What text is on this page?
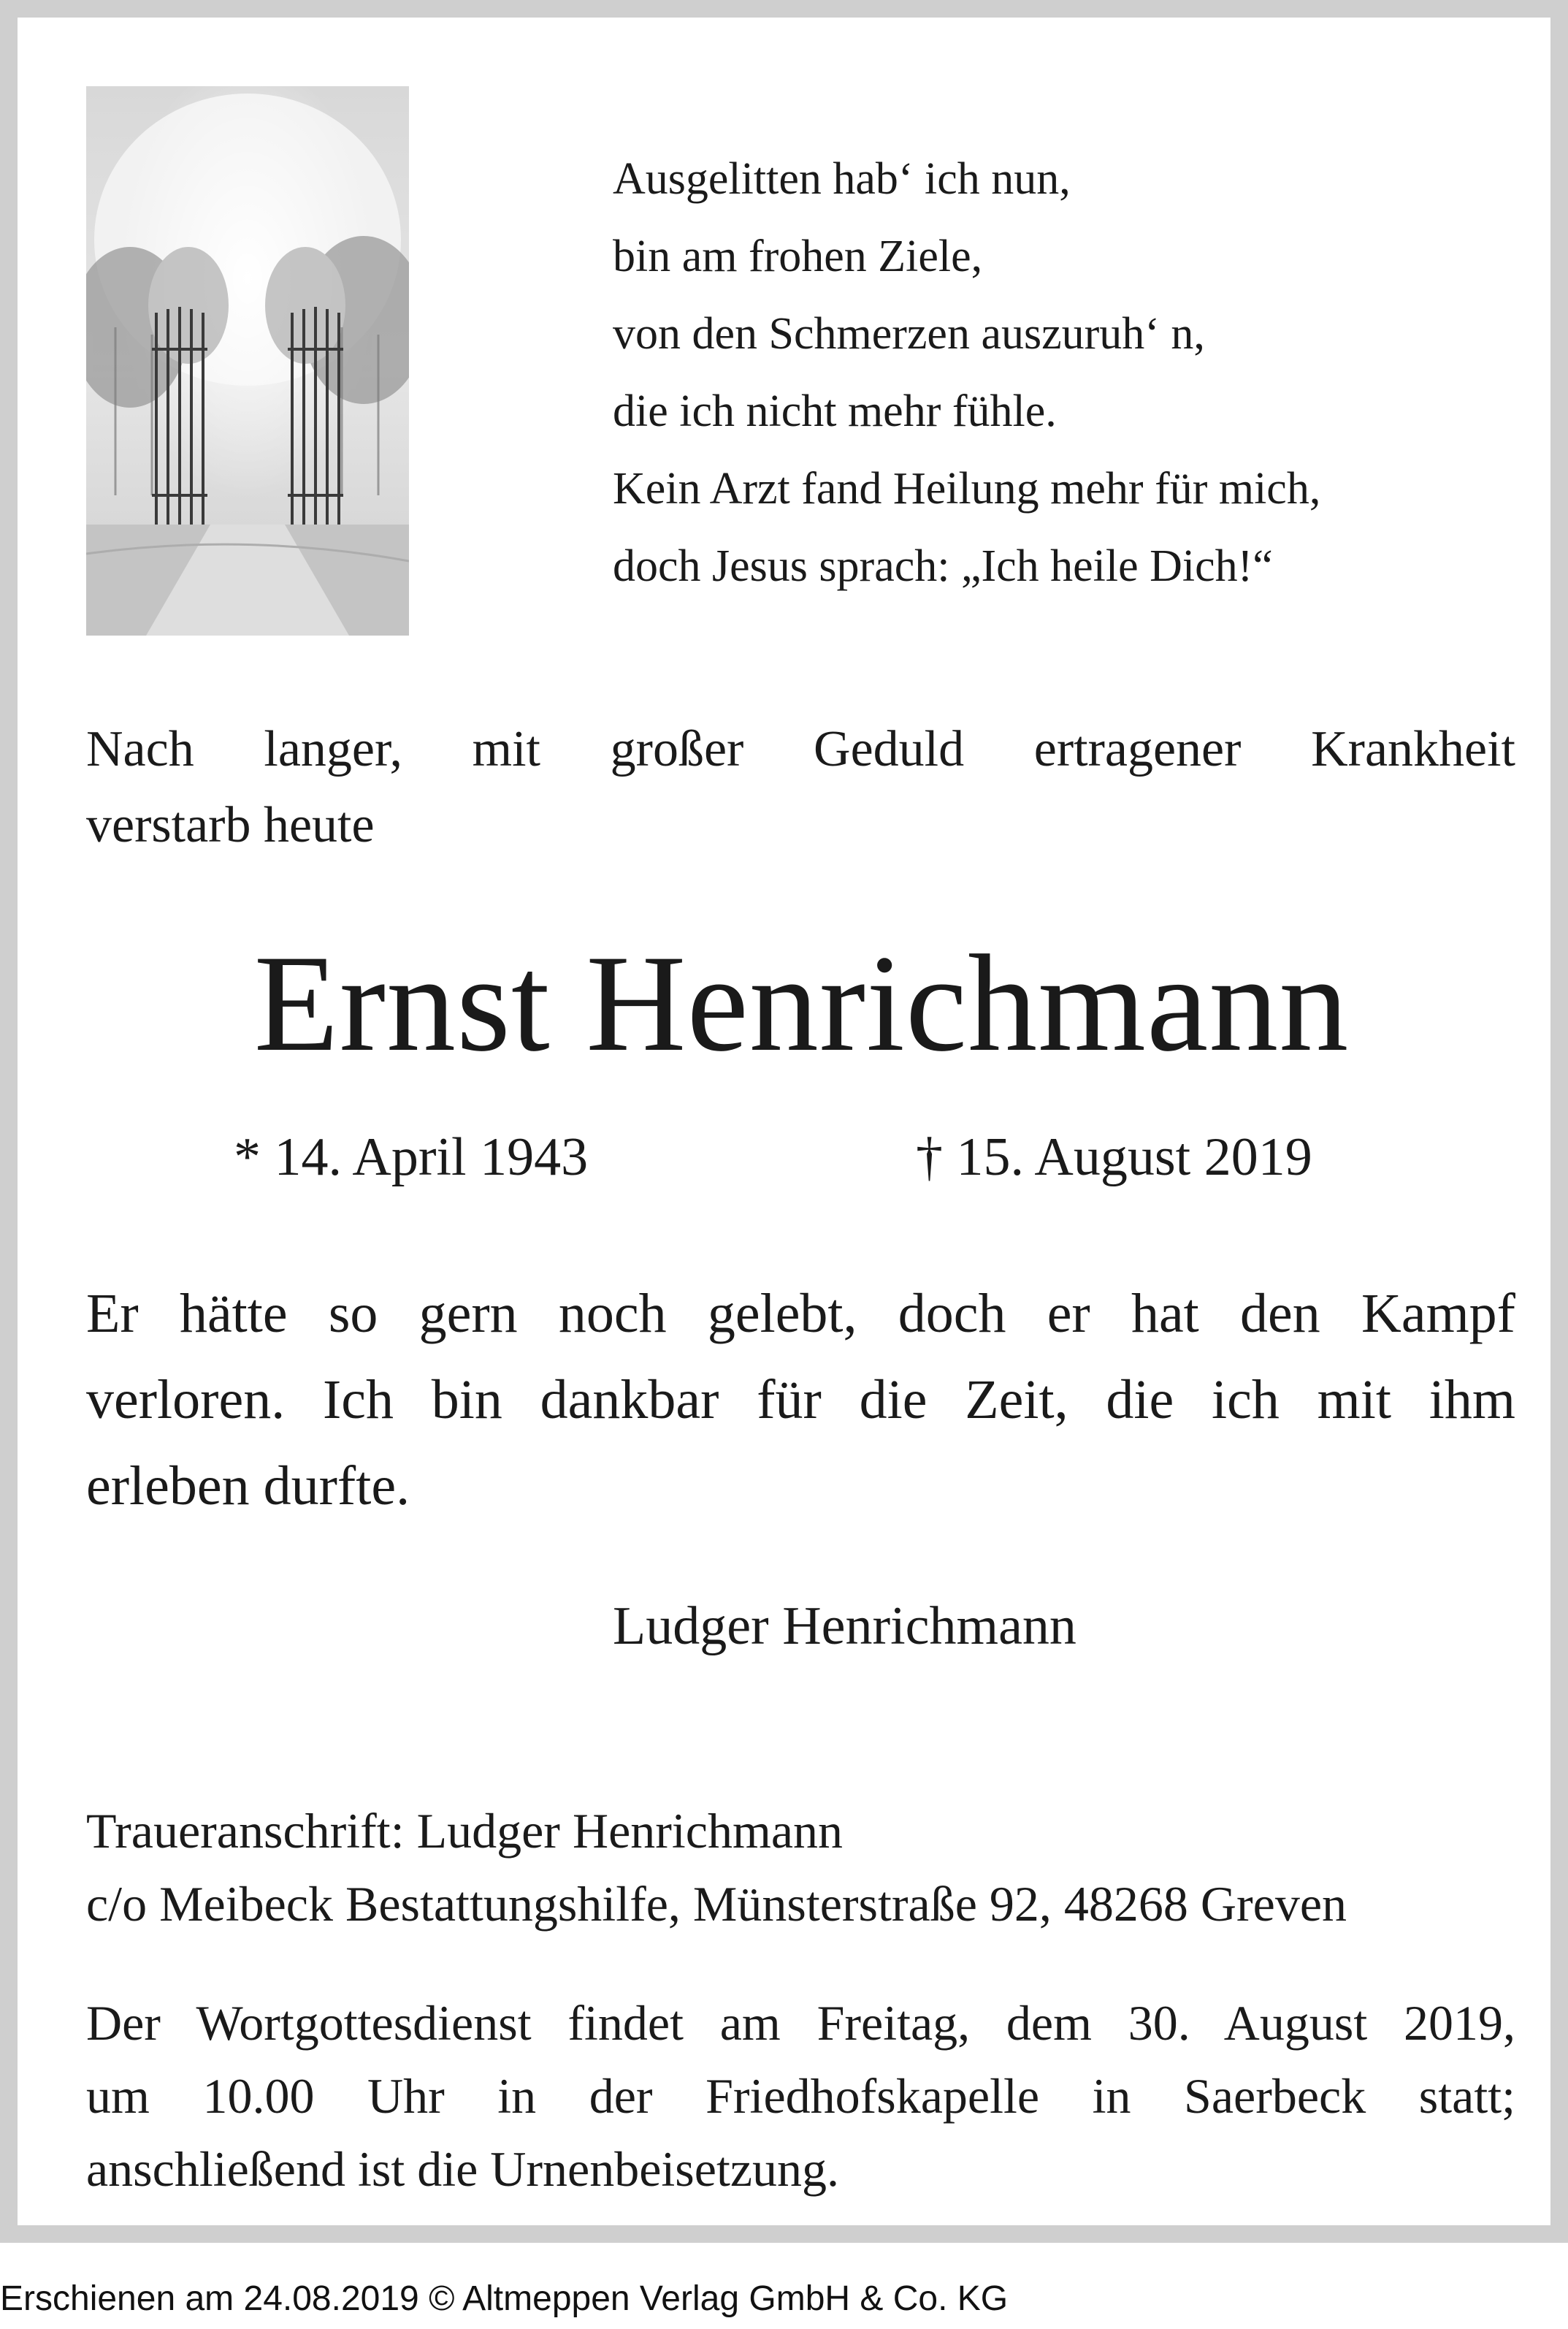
Ausgelitten hab‘ ich nun,
bin am frohen Ziele,
von den Schmerzen auszuruh‘ n,
die ich nicht mehr fühle.
Kein Arzt fand Heilung mehr für mich,
doch Jesus sprach: „Ich heile Dich!“
Nach langer, mit großer Geduld ertragener Krankheit
verstarb heute
Ernst Henrichmann
* 14. April 1943	† 15. August 2019
Er hätte so gern noch gelebt, doch er hat den Kampf
verloren. Ich bin dankbar für die Zeit, die ich mit ihm
erleben durfte.
Ludger Henrichmann
Traueranschrift: Ludger Henrichmann
c/o Meibeck Bestattungshilfe, Münsterstraße 92, 48268 Greven
Der Wortgottesdienst findet am Freitag, dem 30. August 2019,
um 10.00 Uhr in der Friedhofskapelle in Saerbeck statt;
anschließend ist die Urnenbeisetzung.
Erschienen am 24.08.2019 © Altmeppen Verlag GmbH & Co. KG
